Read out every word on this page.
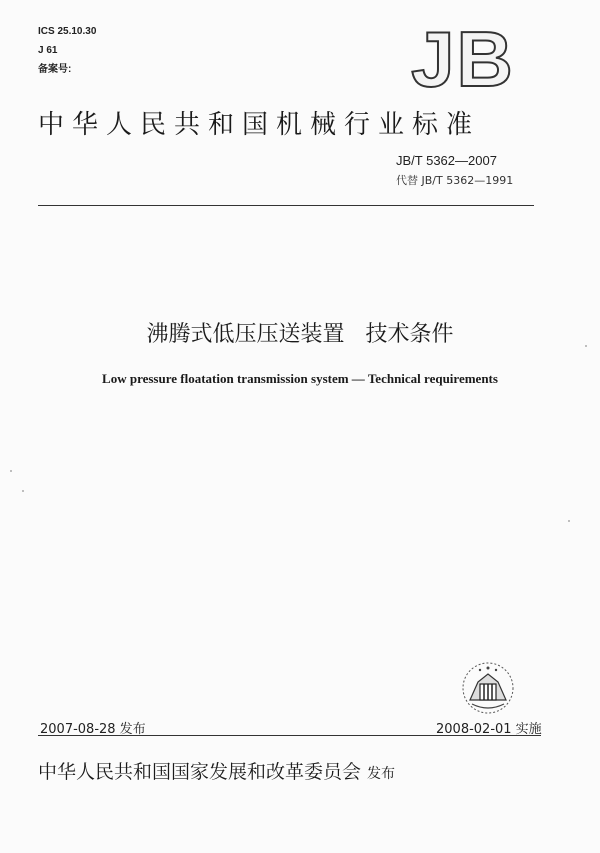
ICS 25.10.30
J 61
备案号:	JB
中华人民共和国机械行业标准
JB/T 5362—2007
代替 JB/T 5362—1991
沸腾式低压压送装置   技术条件
Low pressure floatation transmission system — Technical requirements
2007-08-28 发布	2008-02-01 实施
中华人民共和国国家发展和改革委员会 发布
